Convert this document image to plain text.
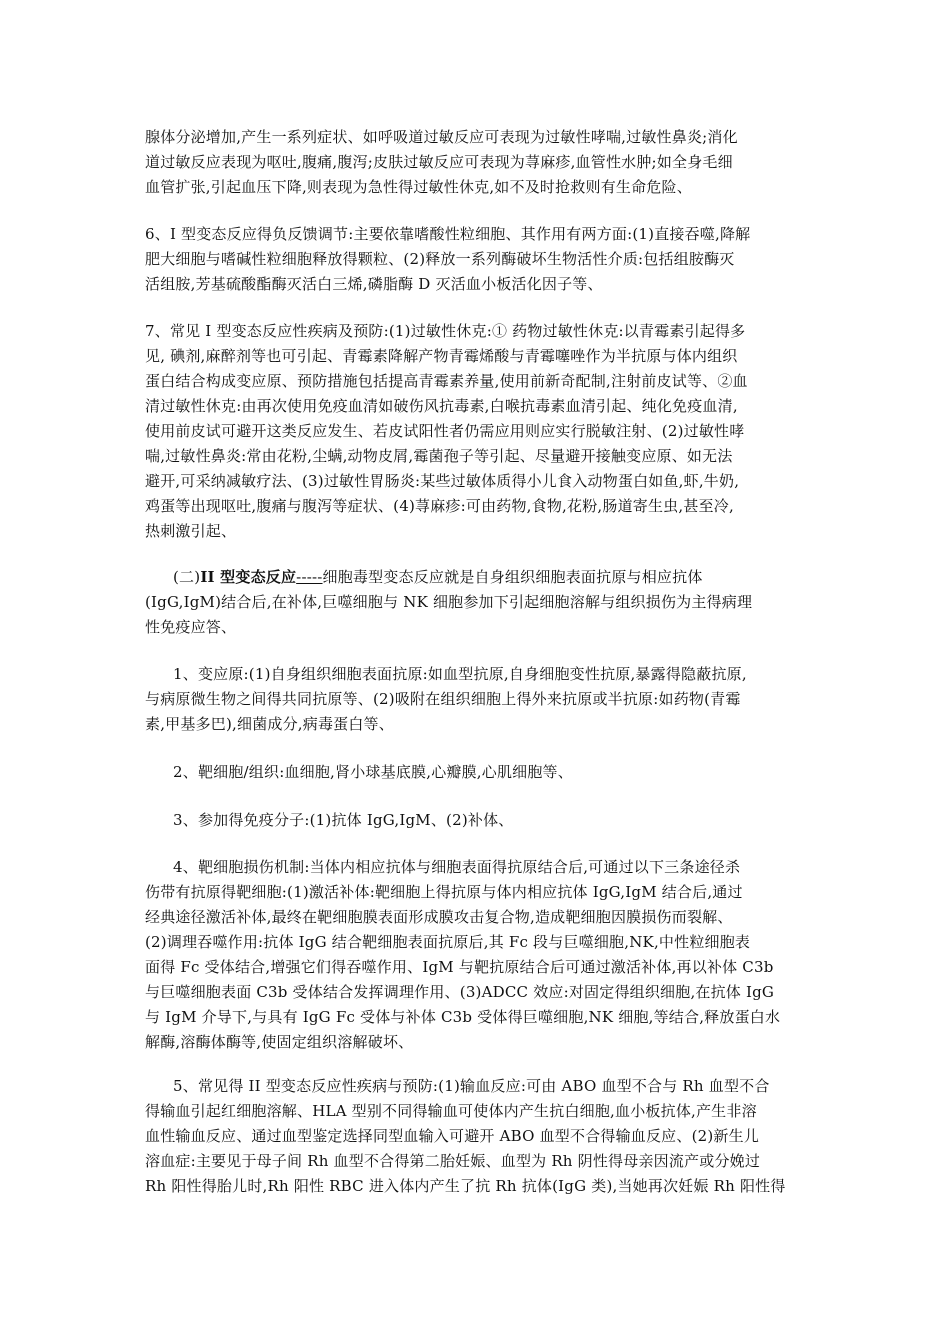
腺体分泌增加,产生一系列症状、如呼吸道过敏反应可表现为过敏性哮喘,过敏性鼻炎;消化
道过敏反应表现为呕吐,腹痛,腹泻;皮肤过敏反应可表现为荨麻疹,血管性水肿;如全身毛细
血管扩张,引起血压下降,则表现为急性得过敏性休克,如不及时抢救则有生命危险、
6、I 型变态反应得负反馈调节:主要依靠嗜酸性粒细胞、其作用有两方面:(1)直接吞噬,降解
肥大细胞与嗜碱性粒细胞释放得颗粒、(2)释放一系列酶破坏生物活性介质:包括组胺酶灭
活组胺,芳基硫酸酯酶灭活白三烯,磷脂酶 D 灭活血小板活化因子等、
7、常见 I 型变态反应性疾病及预防:(1)过敏性休克:① 药物过敏性休克:以青霉素引起得多
见, 碘剂,麻醉剂等也可引起、青霉素降解产物青霉烯酸与青霉噻唑作为半抗原与体内组织
蛋白结合构成变应原、预防措施包括提高青霉素养量,使用前新奇配制,注射前皮试等、②血
清过敏性休克:由再次使用免疫血清如破伤风抗毒素,白喉抗毒素血清引起、纯化免疫血清,
使用前皮试可避开这类反应发生、若皮试阳性者仍需应用则应实行脱敏注射、(2)过敏性哮
喘,过敏性鼻炎:常由花粉,尘螨,动物皮屑,霉菌孢子等引起、尽量避开接触变应原、如无法
避开,可采纳减敏疗法、(3)过敏性胃肠炎:某些过敏体质得小儿食入动物蛋白如鱼,虾,牛奶,
鸡蛋等出现呕吐,腹痛与腹泻等症状、(4)荨麻疹:可由药物,食物,花粉,肠道寄生虫,甚至冷,
热刺激引起、
(二)II 型变态反应-----细胞毒型变态反应就是自身组织细胞表面抗原与相应抗体
(IgG,IgM)结合后,在补体,巨噬细胞与 NK 细胞参加下引起细胞溶解与组织损伤为主得病理
性免疫应答、
1、变应原:(1)自身组织细胞表面抗原:如血型抗原,自身细胞变性抗原,暴露得隐蔽抗原,
与病原微生物之间得共同抗原等、(2)吸附在组织细胞上得外来抗原或半抗原:如药物(青霉
素,甲基多巴),细菌成分,病毒蛋白等、
2、靶细胞/组织:血细胞,肾小球基底膜,心瓣膜,心肌细胞等、
3、参加得免疫分子:(1)抗体 IgG,IgM、(2)补体、
4、靶细胞损伤机制:当体内相应抗体与细胞表面得抗原结合后,可通过以下三条途径杀
伤带有抗原得靶细胞:(1)激活补体:靶细胞上得抗原与体内相应抗体 IgG,IgM 结合后,通过
经典途径激活补体,最终在靶细胞膜表面形成膜攻击复合物,造成靶细胞因膜损伤而裂解、
(2)调理吞噬作用:抗体 IgG 结合靶细胞表面抗原后,其 Fc 段与巨噬细胞,NK,中性粒细胞表
面得 Fc 受体结合,增强它们得吞噬作用、IgM 与靶抗原结合后可通过激活补体,再以补体 C3b
与巨噬细胞表面 C3b 受体结合发挥调理作用、(3)ADCC 效应:对固定得组织细胞,在抗体 IgG
与 IgM 介导下,与具有 IgG Fc 受体与补体 C3b 受体得巨噬细胞,NK 细胞,等结合,释放蛋白水
解酶,溶酶体酶等,使固定组织溶解破坏、
5、常见得 II 型变态反应性疾病与预防:(1)输血反应:可由 ABO 血型不合与 Rh 血型不合
得输血引起红细胞溶解、HLA 型别不同得输血可使体内产生抗白细胞,血小板抗体,产生非溶
血性输血反应、通过血型鉴定选择同型血输入可避开 ABO 血型不合得输血反应、(2)新生儿
溶血症:主要见于母子间 Rh 血型不合得第二胎妊娠、血型为 Rh 阴性得母亲因流产或分娩过
Rh 阳性得胎儿时,Rh 阳性 RBC 进入体内产生了抗 Rh 抗体(IgG 类),当她再次妊娠 Rh 阳性得
